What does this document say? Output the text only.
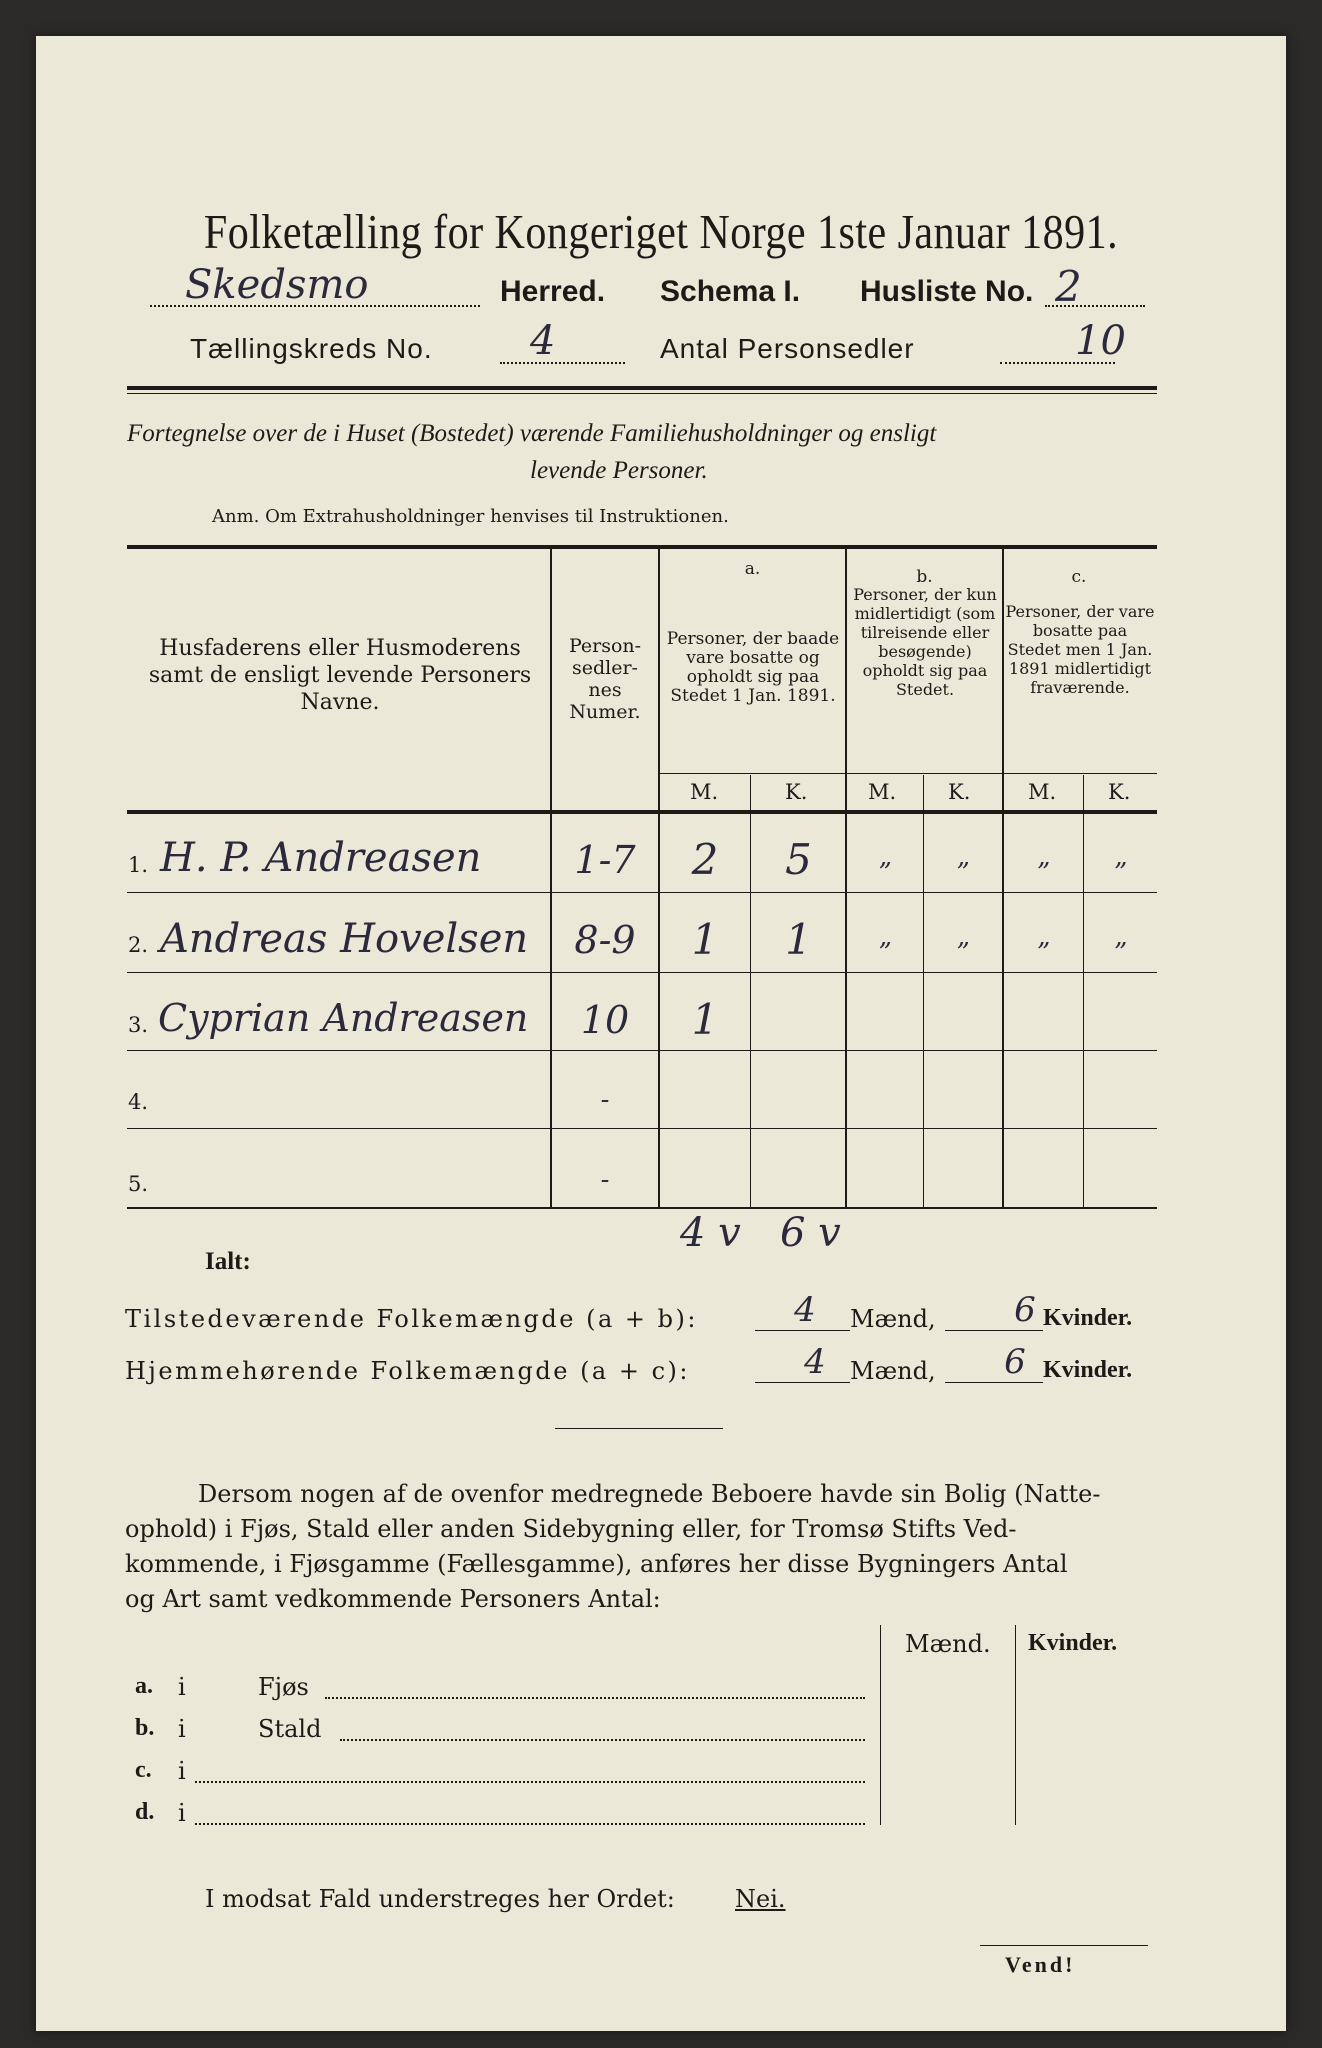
Folketælling for Kongeriget Norge 1ste Januar 1891.
Skedsmo	Herred. Schema I. Husliste No. 2
Tællingskreds No. 4	Antal Personsedler	10
Fortegnelse over de i Huset (Bostedet) værende Familiehusholdninger og ensligt
levende Personer.
Anm. Om Extrahusholdninger henvises til Instruktionen.
Husfaderens eller Husmoderens samt de ensligt levende Personers Navne.
Person-sedler-nes Numer.
a.
Personer, der baade vare bosatte og opholdt sig paa Stedet 1 Jan. 1891.
b.
Personer, der kun midlertidigt (som tilreisende eller besøgende) opholdt sig paa Stedet.
c.
Personer, der vare bosatte paa Stedet men 1 Jan. 1891 midlertidigt fraværende.
M.	K.	M. K.	M. K.
1. H. P. Andreasen	1-7	2	5	”	”	”	”
2. Andreas Hovelsen	8-9	1	1	”	”	”	”
3. Cyprian Andreasen	10	1
4.	-
5.	-
Ialt:
4 v 6 v
Tilstedeværende Folkemængde (a + b):	4	Mænd,	6 Kvinder.
Hjemmehørende Folkemængde (a + c):	4	Mænd,	6 Kvinder.
Dersom nogen af de ovenfor medregnede Beboere havde sin Bolig (Natte-
ophold) i Fjøs, Stald eller anden Sidebygning eller, for Tromsø Stifts Ved-
kommende, i Fjøsgamme (Fællesgamme), anføres her disse Bygningers Antal
og Art samt vedkommende Personers Antal:
Mænd. Kvinder.
a. i	Fjøs
b. i	Stald
c. i
d. i
I modsat Fald understreges her Ordet:	Nei.
Vend!
